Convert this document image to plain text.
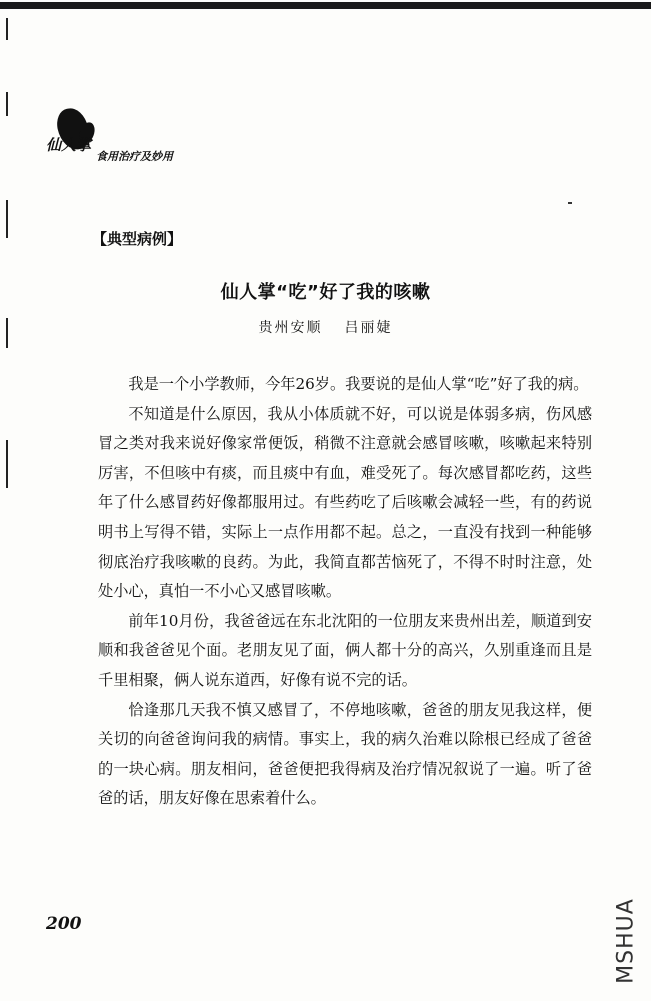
仙人掌
食用治疗及妙用
【典型病例】
仙人掌“吃”好了我的咳嗽
贵州安顺 吕丽婕

我是一个小学教师，今年26岁。我要说的是仙人掌“吃”好了我的病。

不知道是什么原因，我从小体质就不好，可以说是体弱多病，伤风感冒之类对我来说好像家常便饭，稍微不注意就会感冒咳嗽，咳嗽起来特别厉害，不但咳中有痰，而且痰中有血，难受死了。每次感冒都吃药，这些年了什么感冒药好像都服用过。有些药吃了后咳嗽会减轻一些，有的药说明书上写得不错，实际上一点作用都不起。总之，一直没有找到一种能够彻底治疗我咳嗽的良药。为此，我简直都苦恼死了，不得不时时注意，处处小心，真怕一不小心又感冒咳嗽。

前年10月份，我爸爸远在东北沈阳的一位朋友来贵州出差，顺道到安顺和我爸爸见个面。老朋友见了面，俩人都十分的高兴，久别重逢而且是千里相聚，俩人说东道西，好像有说不完的话。

恰逢那几天我不慎又感冒了，不停地咳嗽，爸爸的朋友见我这样，便关切的向爸爸询问我的病情。事实上，我的病久治难以除根已经成了爸爸的一块心病。朋友相问，爸爸便把我得病及治疗情况叙说了一遍。听了爸爸的话，朋友好像在思索着什么。

200	MSHUA
